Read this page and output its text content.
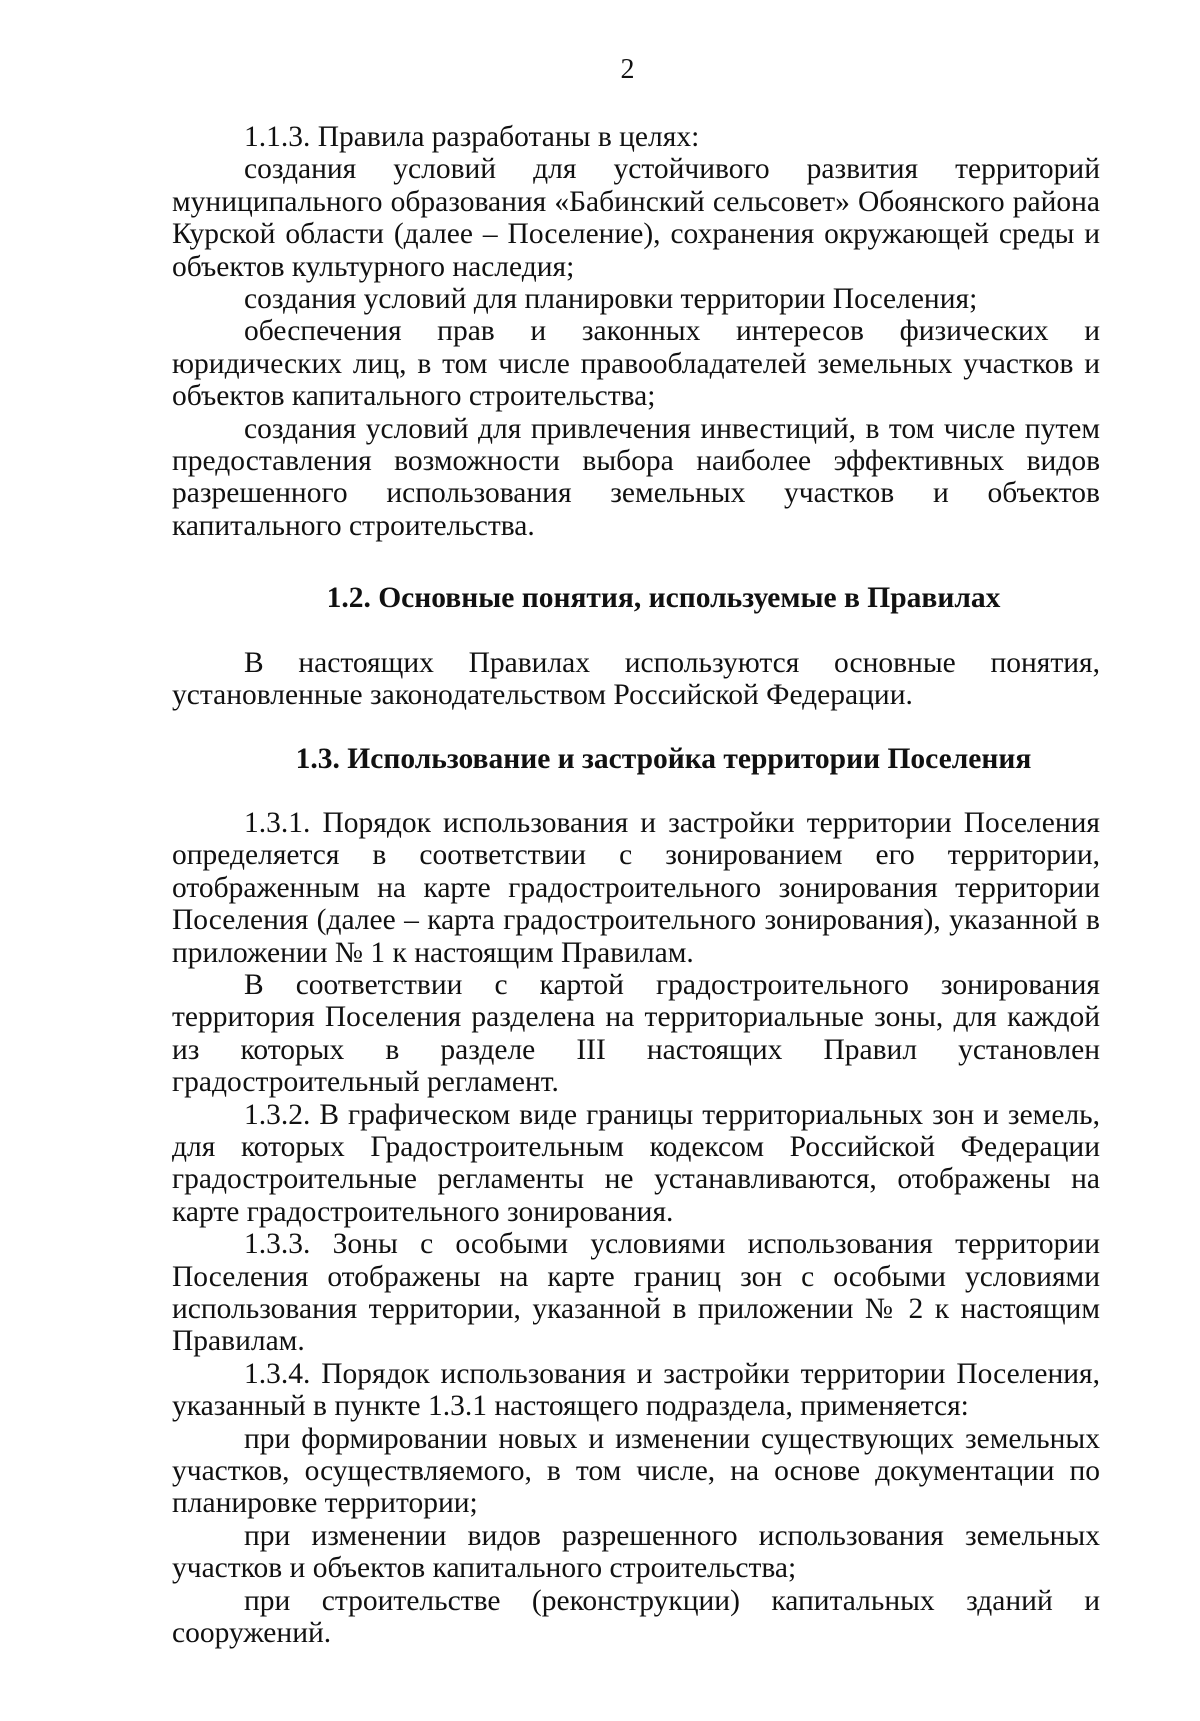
2

1.1.3. Правила разработаны в целях:

создания условий для устойчивого развития территорий муниципального образования «Бабинский сельсовет» Обоянского района Курской области (далее – Поселение), сохранения окружающей среды и объектов культурного наследия;

создания условий для планировки территории Поселения;

обеспечения прав и законных интересов физических и юридических лиц, в том числе правообладателей земельных участков и объектов капитального строительства;

создания условий для привлечения инвестиций, в том числе путем предоставления возможности выбора наиболее эффективных видов разрешенного использования земельных участков и объектов капитального строительства.

1.2. Основные понятия, используемые в Правилах

В настоящих Правилах используются основные понятия, установленные законодательством Российской Федерации.

1.3. Использование и застройка территории Поселения

1.3.1. Порядок использования и застройки территории Поселения определяется в соответствии с зонированием его территории, отображенным на карте градостроительного зонирования территории Поселения (далее – карта градостроительного зонирования), указанной в приложении № 1 к настоящим Правилам.

В соответствии с картой градостроительного зонирования территория Поселения разделена на территориальные зоны, для каждой из которых в разделе III настоящих Правил установлен градостроительный регламент.

1.3.2. В графическом виде границы территориальных зон и земель, для которых Градостроительным кодексом Российской Федерации градостроительные регламенты не устанавливаются, отображены на карте градостроительного зонирования.

1.3.3. Зоны с особыми условиями использования территории Поселения отображены на карте границ зон с особыми условиями использования территории, указанной в приложении № 2 к настоящим Правилам.

1.3.4. Порядок использования и застройки территории Поселения, указанный в пункте 1.3.1 настоящего подраздела, применяется:

при формировании новых и изменении существующих земельных участков, осуществляемого, в том числе, на основе документации по планировке территории;

при изменении видов разрешенного использования земельных участков и объектов капитального строительства;

при строительстве (реконструкции) капитальных зданий и сооружений.
